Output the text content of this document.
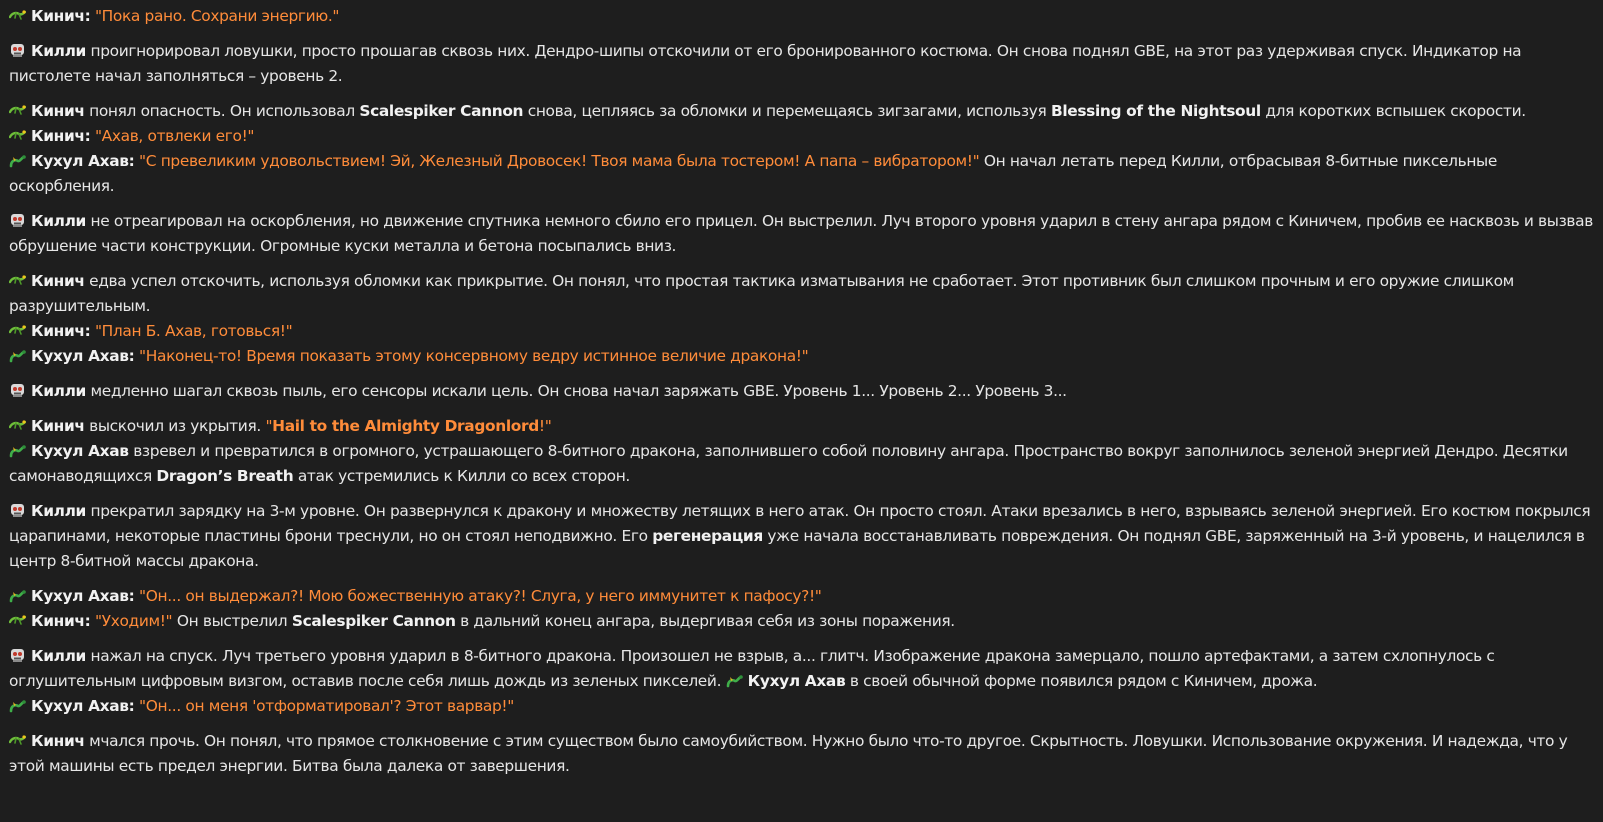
Кинич: "Пока рано. Сохрани энергию."
Килли проигнорировал ловушки, просто прошагав сквозь них. Дендро-шипы отскочили от его бронированного костюма. Он снова поднял GBE, на этот раз удерживая спуск. Индикатор на пистолете начал заполняться – уровень 2.
Кинич понял опасность. Он использовал Scalespiker Cannon снова, цепляясь за обломки и перемещаясь зигзагами, используя Blessing of the Nightsoul для коротких вспышек скорости.
Кинич: "Ахав, отвлеки его!"
Кухул Ахав: "С превеликим удовольствием! Эй, Железный Дровосек! Твоя мама была тостером! А папа – вибратором!" Он начал летать перед Килли, отбрасывая 8-битные пиксельные оскорбления.
Килли не отреагировал на оскорбления, но движение спутника немного сбило его прицел. Он выстрелил. Луч второго уровня ударил в стену ангара рядом с Киничем, пробив ее насквозь и вызвав обрушение части конструкции. Огромные куски металла и бетона посыпались вниз.
Кинич едва успел отскочить, используя обломки как прикрытие. Он понял, что простая тактика изматывания не сработает. Этот противник был слишком прочным и его оружие слишком разрушительным.
Кинич: "План Б. Ахав, готовься!"
Кухул Ахав: "Наконец-то! Время показать этому консервному ведру истинное величие дракона!"
Килли медленно шагал сквозь пыль, его сенсоры искали цель. Он снова начал заряжать GBE. Уровень 1... Уровень 2... Уровень 3...
Кинич выскочил из укрытия. "Hail to the Almighty Dragonlord!"
Кухул Ахав взревел и превратился в огромного, устрашающего 8-битного дракона, заполнившего собой половину ангара. Пространство вокруг заполнилось зеленой энергией Дендро. Десятки самонаводящихся Dragon’s Breath атак устремились к Килли со всех сторон.
Килли прекратил зарядку на 3-м уровне. Он развернулся к дракону и множеству летящих в него атак. Он просто стоял. Атаки врезались в него, взрываясь зеленой энергией. Его костюм покрылся царапинами, некоторые пластины брони треснули, но он стоял неподвижно. Его регенерация уже начала восстанавливать повреждения. Он поднял GBE, заряженный на 3-й уровень, и нацелился в центр 8-битной массы дракона.
Кухул Ахав: "Он... он выдержал?! Мою божественную атаку?! Слуга, у него иммунитет к пафосу?!"
Кинич: "Уходим!" Он выстрелил Scalespiker Cannon в дальний конец ангара, выдергивая себя из зоны поражения.
Килли нажал на спуск. Луч третьего уровня ударил в 8-битного дракона. Произошел не взрыв, а... глитч. Изображение дракона замерцало, пошло артефактами, а затем схлопнулось с оглушительным цифровым визгом, оставив после себя лишь дождь из зеленых пикселей.
Кухул Ахав в своей обычной форме появился рядом с Киничем, дрожа.
Кухул Ахав: "Он... он меня 'отформатировал'? Этот варвар!"
Кинич мчался прочь. Он понял, что прямое столкновение с этим существом было самоубийством. Нужно было что-то другое. Скрытность. Ловушки. Использование окружения. И надежда, что у этой машины есть предел энергии. Битва была далека от завершения.
